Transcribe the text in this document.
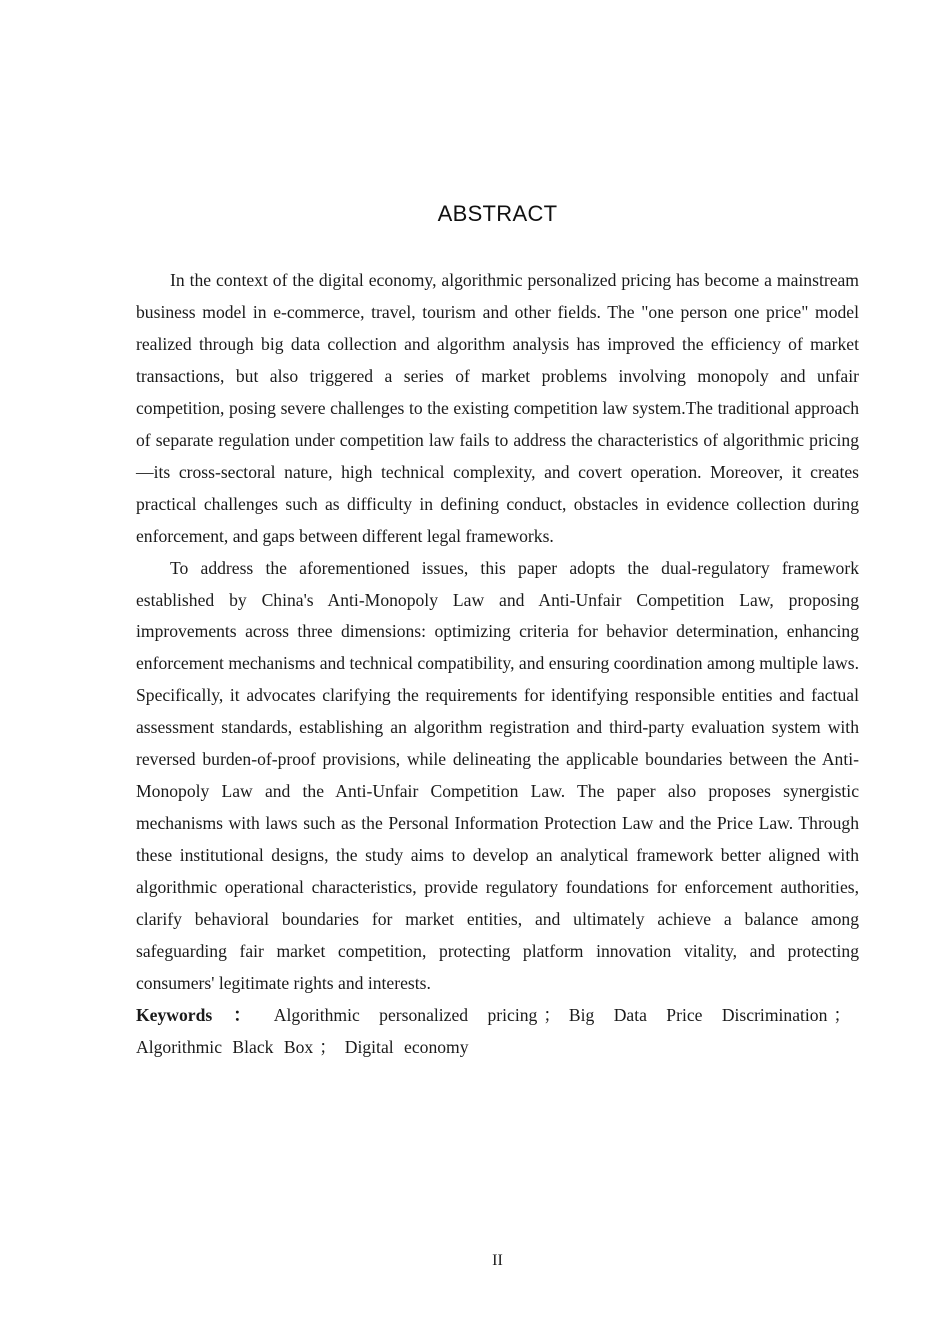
ABSTRACT

In the context of the digital economy, algorithmic personalized pricing has become a mainstream business model in e-commerce, travel, tourism and other fields. The "one person one price" model realized through big data collection and algorithm analysis has improved the efficiency of market transactions, but also triggered a series of market problems involving monopoly and unfair competition, posing severe challenges to the existing competition law system.The traditional approach of separate regulation under competition law fails to address the characteristics of algorithmic pricing—its cross-sectoral nature, high technical complexity, and covert operation. Moreover, it creates practical challenges such as difficulty in defining conduct, obstacles in evidence collection during enforcement, and gaps between different legal frameworks.

To address the aforementioned issues, this paper adopts the dual-regulatory framework established by China's Anti-Monopoly Law and Anti-Unfair Competition Law, proposing improvements across three dimensions: optimizing criteria for behavior determination, enhancing enforcement mechanisms and technical compatibility, and ensuring coordination among multiple laws. Specifically, it advocates clarifying the requirements for identifying responsible entities and factual assessment standards, establishing an algorithm registration and third-party evaluation system with reversed burden-of-proof provisions, while delineating the applicable boundaries between the Anti-Monopoly Law and the Anti-Unfair Competition Law. The paper also proposes synergistic mechanisms with laws such as the Personal Information Protection Law and the Price Law. Through these institutional designs, the study aims to develop an analytical framework better aligned with algorithmic operational characteristics, provide regulatory foundations for enforcement authorities, clarify behavioral boundaries for market entities, and ultimately achieve a balance among safeguarding fair market competition, protecting platform innovation vitality, and protecting consumers' legitimate rights and interests.

Keywords ： Algorithmic personalized pricing ； Big Data Price Discrimination ；Algorithmic Black Box ； Digital economy
II
